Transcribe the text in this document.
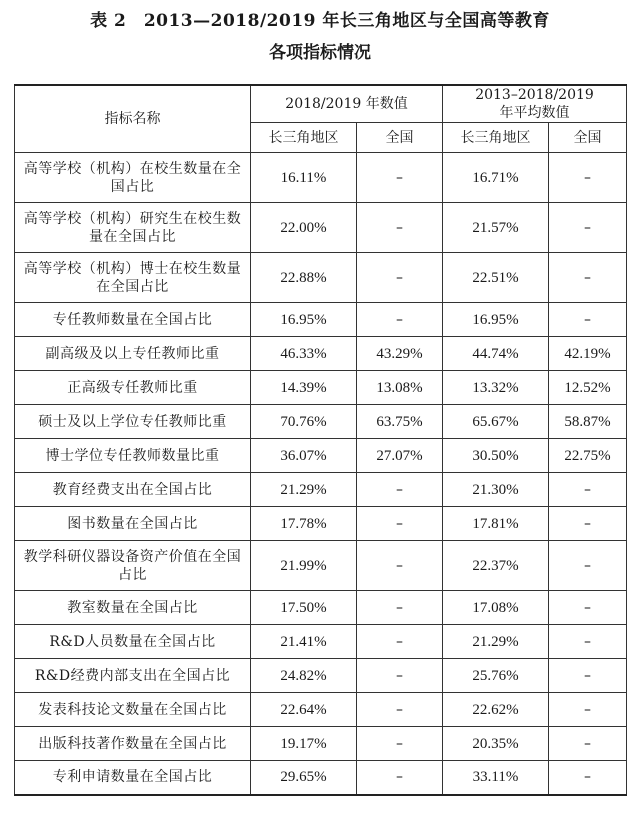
表 2　2013—2018/2019 年长三角地区与全国高等教育
各项指标情况
指标名称	2018/2019 年数值		2013–2018/2019
年平均数值	

	长三角地区	全国	长三角地区	全国
高等学校（机构）在校生数量在全国占比	16.11%	–	16.71%	–
高等学校（机构）研究生在校生数量在全国占比	22.00%	–	21.57%	–
高等学校（机构）博士在校生数量在全国占比	22.88%	–	22.51%	–
专任教师数量在全国占比	16.95%	–	16.95%	–
副高级及以上专任教师比重	46.33%	43.29%	44.74%	42.19%
正高级专任教师比重	14.39%	13.08%	13.32%	12.52%
硕士及以上学位专任教师比重	70.76%	63.75%	65.67%	58.87%
博士学位专任教师数量比重	36.07%	27.07%	30.50%	22.75%
教育经费支出在全国占比	21.29%	–	21.30%	–
图书数量在全国占比	17.78%	–	17.81%	–
教学科研仪器设备资产价值在全国占比	21.99%	–	22.37%	–
教室数量在全国占比	17.50%	–	17.08%	–
R&D人员数量在全国占比	21.41%	–	21.29%	–
R&D经费内部支出在全国占比	24.82%	–	25.76%	–
发表科技论文数量在全国占比	22.64%	–	22.62%	–
出版科技著作数量在全国占比	19.17%	–	20.35%	–
专利申请数量在全国占比	29.65%	–	33.11%	–
